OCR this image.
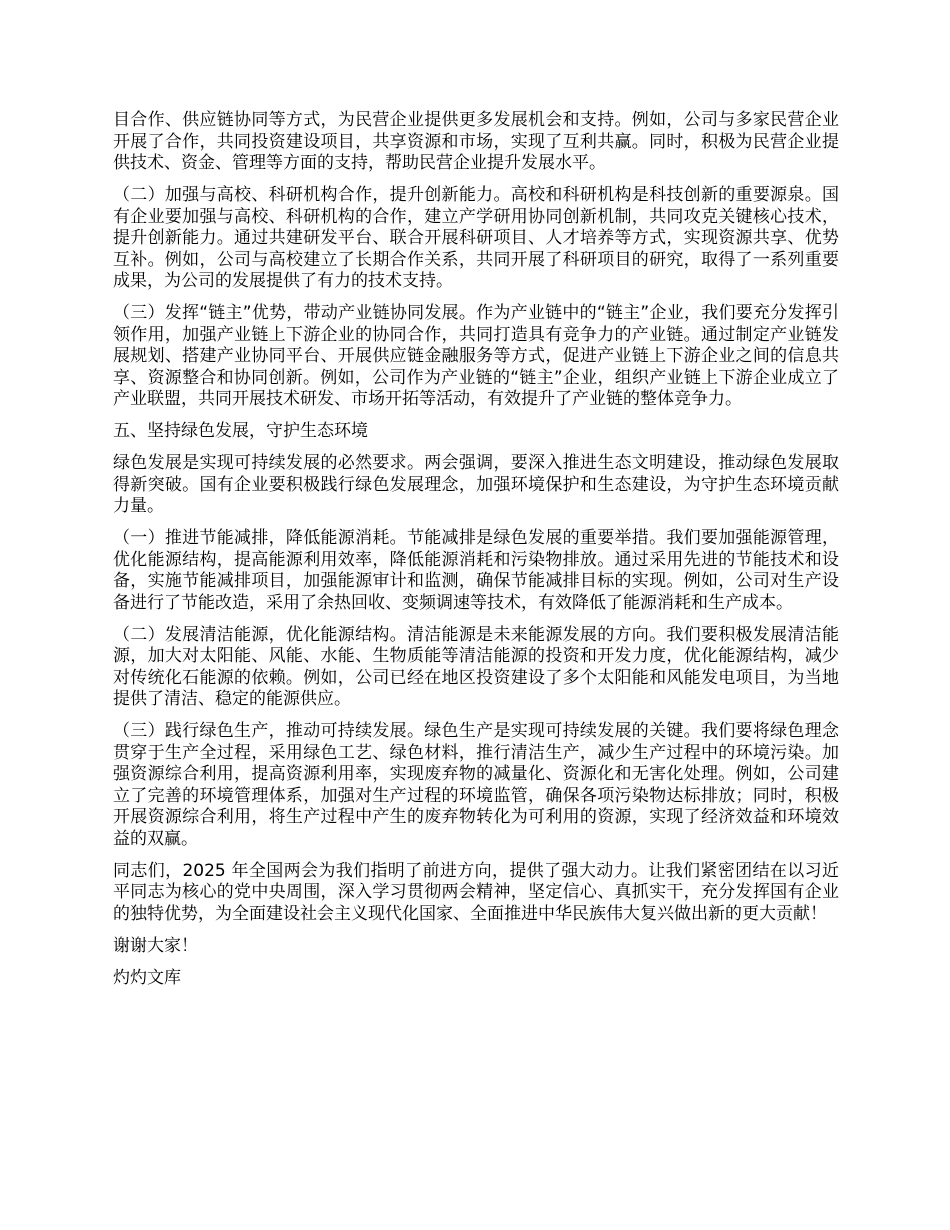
目合作、供应链协同等方式，为民营企业提供更多发展机会和支持。例如，公司与多家民营企业开展了合作，共同投资建设项目，共享资源和市场，实现了互利共赢。同时，积极为民营企业提供技术、资金、管理等方面的支持，帮助民营企业提升发展水平。

（二）加强与高校、科研机构合作，提升创新能力。高校和科研机构是科技创新的重要源泉。国有企业要加强与高校、科研机构的合作，建立产学研用协同创新机制，共同攻克关键核心技术，提升创新能力。通过共建研发平台、联合开展科研项目、人才培养等方式，实现资源共享、优势互补。例如，公司与高校建立了长期合作关系，共同开展了科研项目的研究，取得了一系列重要成果，为公司的发展提供了有力的技术支持。

（三）发挥“链主”优势，带动产业链协同发展。作为产业链中的“链主”企业，我们要充分发挥引领作用，加强产业链上下游企业的协同合作，共同打造具有竞争力的产业链。通过制定产业链发展规划、搭建产业协同平台、开展供应链金融服务等方式，促进产业链上下游企业之间的信息共享、资源整合和协同创新。例如，公司作为产业链的“链主”企业，组织产业链上下游企业成立了产业联盟，共同开展技术研发、市场开拓等活动，有效提升了产业链的整体竞争力。

五、坚持绿色发展，守护生态环境

绿色发展是实现可持续发展的必然要求。两会强调，要深入推进生态文明建设，推动绿色发展取得新突破。国有企业要积极践行绿色发展理念，加强环境保护和生态建设，为守护生态环境贡献力量。

（一）推进节能减排，降低能源消耗。节能减排是绿色发展的重要举措。我们要加强能源管理，优化能源结构，提高能源利用效率，降低能源消耗和污染物排放。通过采用先进的节能技术和设备，实施节能减排项目，加强能源审计和监测，确保节能减排目标的实现。例如，公司对生产设备进行了节能改造，采用了余热回收、变频调速等技术，有效降低了能源消耗和生产成本。

（二）发展清洁能源，优化能源结构。清洁能源是未来能源发展的方向。我们要积极发展清洁能源，加大对太阳能、风能、水能、生物质能等清洁能源的投资和开发力度，优化能源结构，减少对传统化石能源的依赖。例如，公司已经在地区投资建设了多个太阳能和风能发电项目，为当地提供了清洁、稳定的能源供应。

（三）践行绿色生产，推动可持续发展。绿色生产是实现可持续发展的关键。我们要将绿色理念贯穿于生产全过程，采用绿色工艺、绿色材料，推行清洁生产，减少生产过程中的环境污染。加强资源综合利用，提高资源利用率，实现废弃物的减量化、资源化和无害化处理。例如，公司建立了完善的环境管理体系，加强对生产过程的环境监管，确保各项污染物达标排放；同时，积极开展资源综合利用，将生产过程中产生的废弃物转化为可利用的资源，实现了经济效益和环境效益的双赢。

同志们，2025 年全国两会为我们指明了前进方向，提供了强大动力。让我们紧密团结在以习近平同志为核心的党中央周围，深入学习贯彻两会精神，坚定信心、真抓实干，充分发挥国有企业的独特优势，为全面建设社会主义现代化国家、全面推进中华民族伟大复兴做出新的更大贡献！

谢谢大家！

灼灼文库
